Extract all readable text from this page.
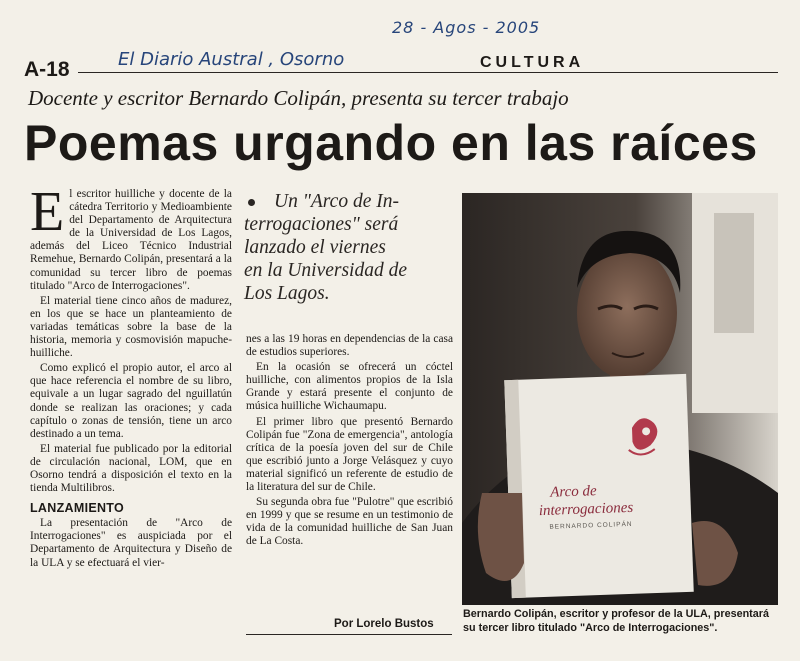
28 - Agos - 2005
El Diario Austral , Osorno
A-18	CULTURA
Docente y escritor Bernardo Colipán, presenta su tercer trabajo
Poemas urgando en las raíces

El escritor huilliche y docente de la cátedra Territorio y Medioambiente del Departamento de Arquitectura de la Universidad de Los Lagos, además del Liceo Técnico Industrial Remehue, Bernardo Colipán, presentará a la comunidad su tercer libro de poemas titulado "Arco de Interrogaciones".

El material tiene cinco años de madurez, en los que se hace un planteamiento de variadas temáticas sobre la base de la historia, memoria y cosmovisión mapuche-huilliche.

Como explicó el propio autor, el arco al que hace referencia el nombre de su libro, equivale a un lugar sagrado del nguillatún donde se realizan las oraciones; y cada capítulo o zonas de tensión, tiene un arco destinado a un tema.

El material fue publicado por la editorial de circulación nacional, LOM, que en Osorno tendrá a disposición el texto en la tienda Multilibros.

LANZAMIENTO

La presentación de "Arco de Interrogaciones" es auspiciada por el Departamento de Arquitectura y Diseño de la ULA y se efectuará el vier-

Un "Arco de In-
terrogaciones" será
lanzado el viernes
en la Universidad de
Los Lagos.

nes a las 19 horas en dependencias de la casa de estudios superiores.

En la ocasión se ofrecerá un cóctel huilliche, con alimentos propios de la Isla Grande y estará presente el conjunto de música huilliche Wichaumapu.

El primer libro que presentó Bernardo Colipán fue "Zona de emergencia", antología crítica de la poesía joven del sur de Chile que escribió junto a Jorge Velásquez y cuyo material significó un referente de estudio de la literatura del sur de Chile.

Su segunda obra fue "Pulotre" que escribió en 1999 y que se resume en un testimonio de vida de la comunidad huilliche de San Juan de La Costa.

Por Lorelo Bustos
Arco de
interrogaciones
BERNARDO COLIPÁN
Bernardo Colipán, escritor y profesor de la ULA, presentará su tercer libro titulado "Arco de Interrogaciones".
